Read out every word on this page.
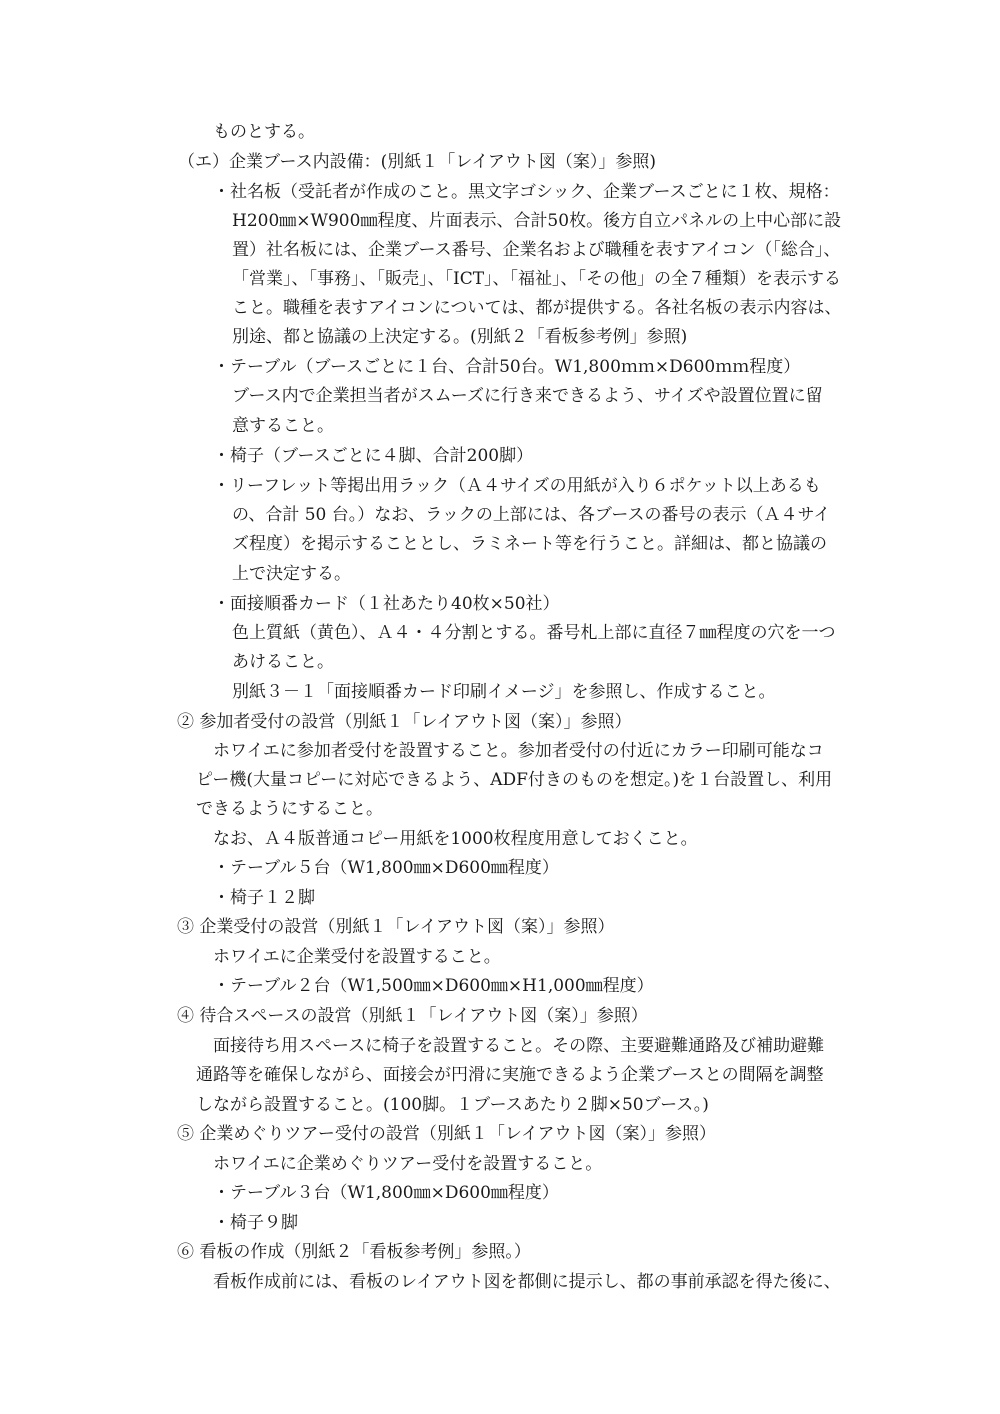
ものとする。
（エ）企業ブース内設備：(別紙１「レイアウト図（案）」参照)
・社名板（受託者が作成のこと。黒文字ゴシック、企業ブースごとに１枚、規格：
H200㎜×W900㎜程度、片面表示、合計50枚。後方自立パネルの上中心部に設
置）社名板には、企業ブース番号、企業名および職種を表すアイコン（「総合」、
「営業」、「事務」、「販売」、「ICT」、「福祉」、「その他」の全７種類）を表示する
こと。職種を表すアイコンについては、都が提供する。各社名板の表示内容は、
別途、都と協議の上決定する。(別紙２「看板参考例」参照)
・テーブル（ブースごとに１台、合計50台。W1,800ｍｍ×D600ｍｍ程度）
ブース内で企業担当者がスムーズに行き来できるよう、サイズや設置位置に留
意すること。
・椅子（ブースごとに４脚、合計200脚）
・リーフレット等掲出用ラック（Ａ４サイズの用紙が入り６ポケット以上あるも
の、合計 50 台。）なお、ラックの上部には、各ブースの番号の表示（Ａ４サイ
ズ程度）を掲示することとし、ラミネート等を行うこと。詳細は、都と協議の
上で決定する。
・面接順番カード（１社あたり40枚×50社）
色上質紙（黄色）、Ａ４・４分割とする。番号札上部に直径７㎜程度の穴を一つ
あけること。
別紙３－１「面接順番カード印刷イメージ」を参照し、作成すること。
② 参加者受付の設営（別紙１「レイアウト図（案）」参照）
ホワイエに参加者受付を設置すること。参加者受付の付近にカラー印刷可能なコ
ピー機(大量コピーに対応できるよう、ADF付きのものを想定。)を１台設置し、利用
できるようにすること。
なお、Ａ４版普通コピー用紙を1000枚程度用意しておくこと。
・テーブル５台（W1,800㎜×D600㎜程度）
・椅子１２脚
③ 企業受付の設営（別紙１「レイアウト図（案）」参照）
ホワイエに企業受付を設置すること。
・テーブル２台（W1,500㎜×D600㎜×H1,000㎜程度）
④ 待合スペースの設営（別紙１「レイアウト図（案）」参照）
面接待ち用スペースに椅子を設置すること。その際、主要避難通路及び補助避難
通路等を確保しながら、面接会が円滑に実施できるよう企業ブースとの間隔を調整
しながら設置すること。(100脚。１ブースあたり２脚×50ブース。)
⑤ 企業めぐりツアー受付の設営（別紙１「レイアウト図（案）」参照）
ホワイエに企業めぐりツアー受付を設置すること。
・テーブル３台（W1,800㎜×D600㎜程度）
・椅子９脚
⑥ 看板の作成（別紙２「看板参考例」参照。）
看板作成前には、看板のレイアウト図を都側に提示し、都の事前承認を得た後に、
